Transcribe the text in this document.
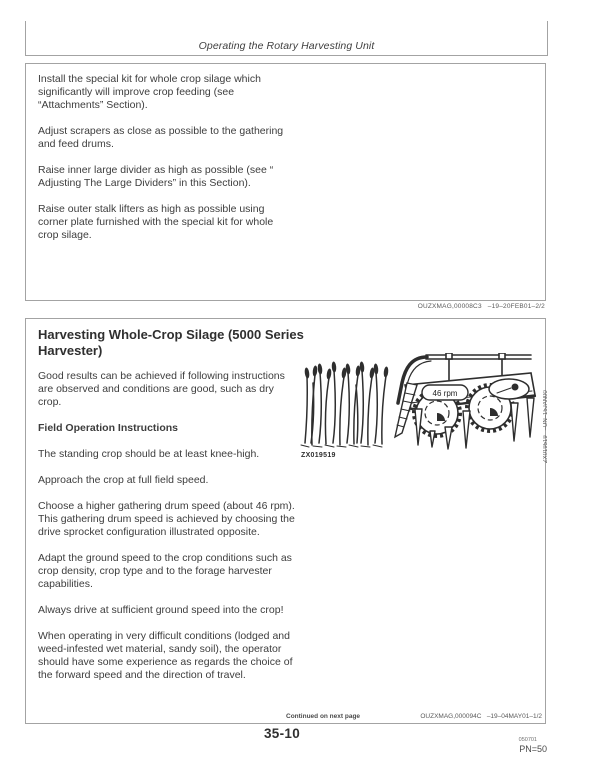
Operating the Rotary Harvesting Unit

Install the special kit for whole crop silage which significantly will improve crop feeding (see “Attachments” Section).

Adjust scrapers as close as possible to the gathering and feed drums.

Raise inner large divider as high as possible (see “ Adjusting The Large Dividers” in this Section).

Raise outer stalk lifters as high as possible using corner plate furnished with the special kit for whole crop silage.

OUZXMAG,00008C3   –19–20FEB01–2/2
Harvesting Whole-Crop Silage (5000 Series Harvester)

Good results can be achieved if following instructions are observed and conditions are good, such as dry crop.

Field Operation Instructions

The standing crop should be at least knee-high.

Approach the crop at full field speed.

Choose a higher gathering drum speed (about 46 rpm). This gathering drum speed is achieved by choosing the drive sprocket configuration illustrated opposite.

Adapt the ground speed to the crop conditions such as crop density, crop type and to the forage harvester capabilities.

Always drive at sufficient ground speed into the crop!

When operating in very difficult conditions (lodged and weed-infested wet material, sandy soil), the operator should have some experience as regards the choice of the forward speed and the direction of travel.

46 rpm
ZX019519	ZX019519   –UN–15JAN00
Continued on next page	OUZXMAG,000094C   –19–04MAY01–1/2
35-10	050701
PN=50
